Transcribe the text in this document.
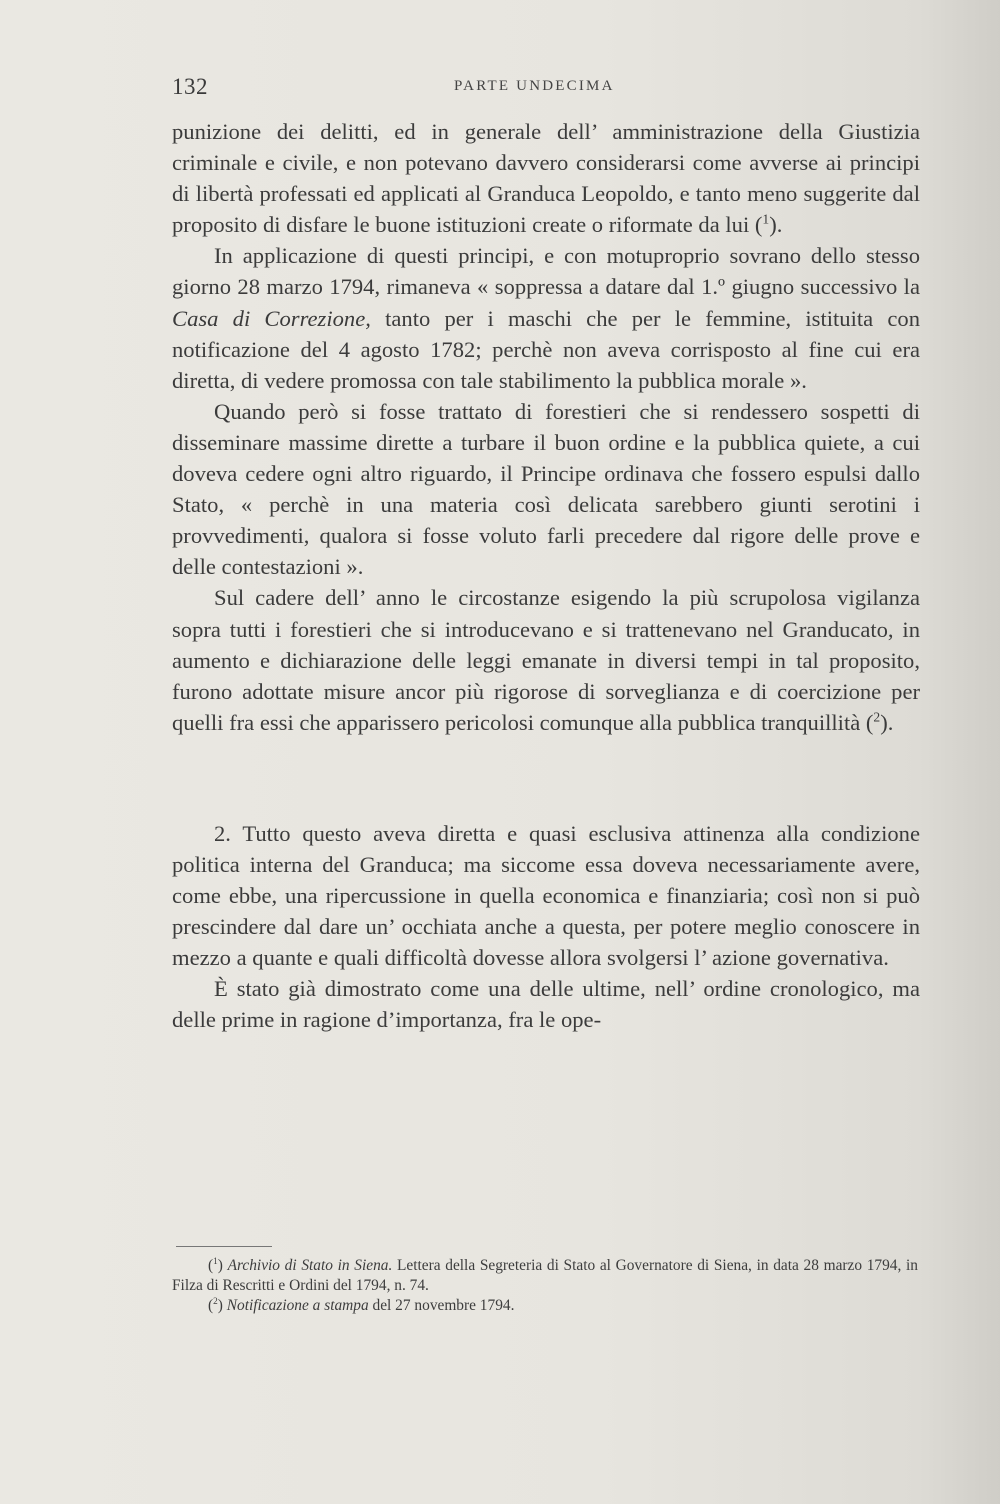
132	PARTE UNDECIMA

punizione dei delitti, ed in generale dell’ amministrazione della Giustizia criminale e civile, e non potevano davvero considerarsi come avverse ai principi di libertà professati ed applicati al Granduca Leopoldo, e tanto meno suggerite dal proposito di disfare le buone istituzioni create o riformate da lui ($^1$).

In applicazione di questi principi, e con motuproprio sovrano dello stesso giorno 28 marzo 1794, rimaneva « soppressa a datare dal 1.º giugno successivo la Casa di Correzione, tanto per i maschi che per le femmine, istituita con notificazione del 4 agosto 1782; perchè non aveva corrisposto al fine cui era diretta, di vedere promossa con tale stabilimento la pubblica morale ».

Quando però si fosse trattato di forestieri che si rendessero sospetti di disseminare massime dirette a turbare il buon ordine e la pubblica quiete, a cui doveva cedere ogni altro riguardo, il Principe ordinava che fossero espulsi dallo Stato, « perchè in una materia così delicata sarebbero giunti serotini i provvedimenti, qualora si fosse voluto farli precedere dal rigore delle prove e delle contestazioni ».

Sul cadere dell’ anno le circostanze esigendo la più scrupolosa vigilanza sopra tutti i forestieri che si introducevano e si trattenevano nel Granducato, in aumento e dichiarazione delle leggi emanate in diversi tempi in tal proposito, furono adottate misure ancor più rigorose di sorveglianza e di coercizione per quelli fra essi che apparissero pericolosi comunque alla pubblica tranquillità ($^2$).

2. Tutto questo aveva diretta e quasi esclusiva attinenza alla condizione politica interna del Granduca; ma siccome essa doveva necessariamente avere, come ebbe, una ripercussione in quella economica e finanziaria; così non si può prescindere dal dare un’ occhiata anche a questa, per potere meglio conoscere in mezzo a quante e quali difficoltà dovesse allora svolgersi l’ azione governativa.

È stato già dimostrato come una delle ultime, nell’ ordine cronologico, ma delle prime in ragione d’importanza, fra le ope-

($^1$) Archivio di Stato in Siena. Lettera della Segreteria di Stato al Governatore di Siena, in data 28 marzo 1794, in Filza di Rescritti e Ordini del 1794, n. 74.

($^2$) Notificazione a stampa del 27 novembre 1794.
